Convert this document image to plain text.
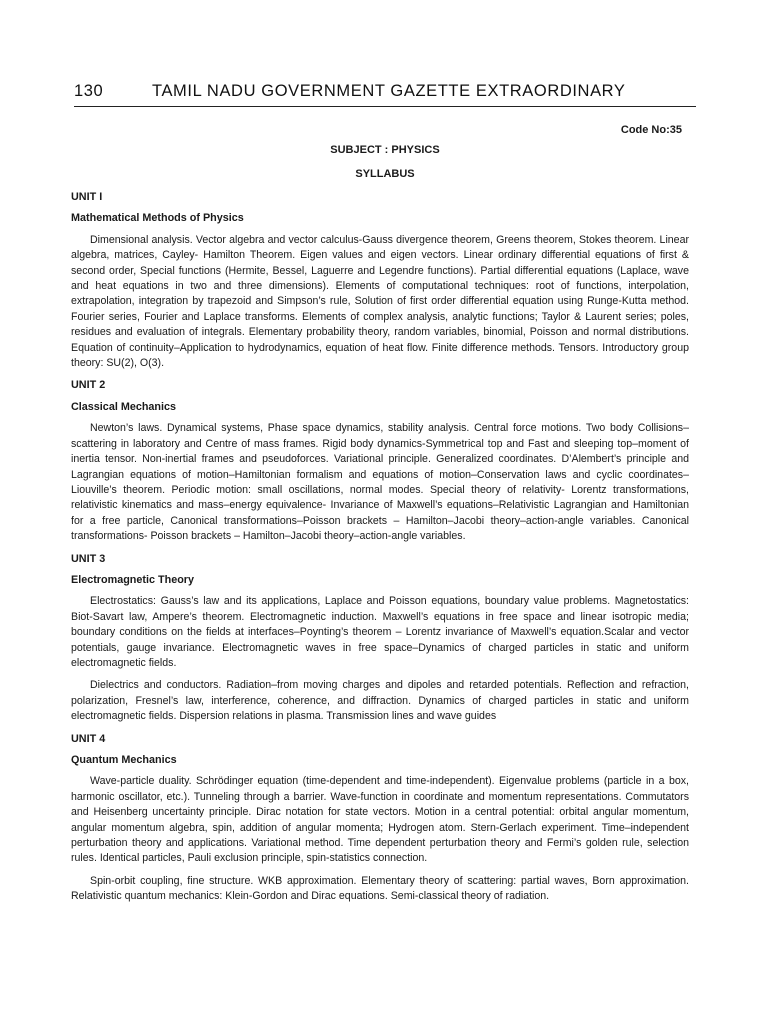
130	TAMIL NADU GOVERNMENT GAZETTE EXTRAORDINARY
Code No:35
SUBJECT : PHYSICS
SYLLABUS
UNIT I
Mathematical Methods of Physics

Dimensional analysis. Vector algebra and vector calculus-Gauss divergence theorem, Greens theorem, Stokes theorem. Linear algebra, matrices, Cayley- Hamilton Theorem. Eigen values and eigen vectors. Linear ordinary differential equations of first & second order, Special functions (Hermite, Bessel, Laguerre and Legendre functions). Partial differential equations (Laplace, wave and heat equations in two and three dimensions). Elements of computational techniques: root of functions, interpolation, extrapolation, integration by trapezoid and Simpson’s rule, Solution of first order differential equation using Runge-Kutta method. Fourier series, Fourier and Laplace transforms. Elements of complex analysis, analytic functions; Taylor & Laurent series; poles, residues and evaluation of integrals. Elementary probability theory, random variables, binomial, Poisson and normal distributions. Equation of continuity–Application to hydrodynamics, equation of heat flow. Finite difference methods. Tensors. Introductory group theory: SU(2), O(3).

UNIT 2
Classical Mechanics

Newton’s laws. Dynamical systems, Phase space dynamics, stability analysis. Central force motions. Two body Collisions–scattering in laboratory and Centre of mass frames. Rigid body dynamics-Symmetrical top and Fast and sleeping top–moment of inertia tensor. Non-inertial frames and pseudoforces. Variational principle. Generalized coordinates. D’Alembert’s principle and Lagrangian equations of motion–Hamiltonian formalism and equations of motion–Conservation laws and cyclic coordinates–Liouville’s theorem. Periodic motion: small oscillations, normal modes. Special theory of relativity- Lorentz transformations, relativistic kinematics and mass–energy equivalence- Invariance of Maxwell’s equations–Relativistic Lagrangian and Hamiltonian for a free particle, Canonical transformations–Poisson brackets – Hamilton–Jacobi theory–action-angle variables. Canonical transformations- Poisson brackets – Hamilton–Jacobi theory–action-angle variables.

UNIT 3
Electromagnetic Theory

Electrostatics: Gauss’s law and its applications, Laplace and Poisson equations, boundary value problems. Magnetostatics: Biot-Savart law, Ampere’s theorem. Electromagnetic induction. Maxwell’s equations in free space and linear isotropic media; boundary conditions on the fields at interfaces–Poynting’s theorem – Lorentz invariance of Maxwell’s equation.Scalar and vector potentials, gauge invariance. Electromagnetic waves in free space–Dynamics of charged particles in static and uniform electromagnetic fields.

Dielectrics and conductors. Radiation–from moving charges and dipoles and retarded potentials. Reflection and refraction, polarization, Fresnel’s law, interference, coherence, and diffraction. Dynamics of charged particles in static and uniform electromagnetic fields. Dispersion relations in plasma. Transmission lines and wave guides

UNIT 4
Quantum Mechanics

Wave-particle duality. Schrödinger equation (time-dependent and time-independent). Eigenvalue problems (particle in a box, harmonic oscillator, etc.). Tunneling through a barrier. Wave-function in coordinate and momentum representations. Commutators and Heisenberg uncertainty principle. Dirac notation for state vectors. Motion in a central potential: orbital angular momentum, angular momentum algebra, spin, addition of angular momenta; Hydrogen atom. Stern-Gerlach experiment. Time–independent perturbation theory and applications. Variational method. Time dependent perturbation theory and Fermi’s golden rule, selection rules. Identical particles, Pauli exclusion principle, spin-statistics connection.

Spin-orbit coupling, fine structure. WKB approximation. Elementary theory of scattering: partial waves, Born approximation. Relativistic quantum mechanics: Klein-Gordon and Dirac equations. Semi-classical theory of radiation.
